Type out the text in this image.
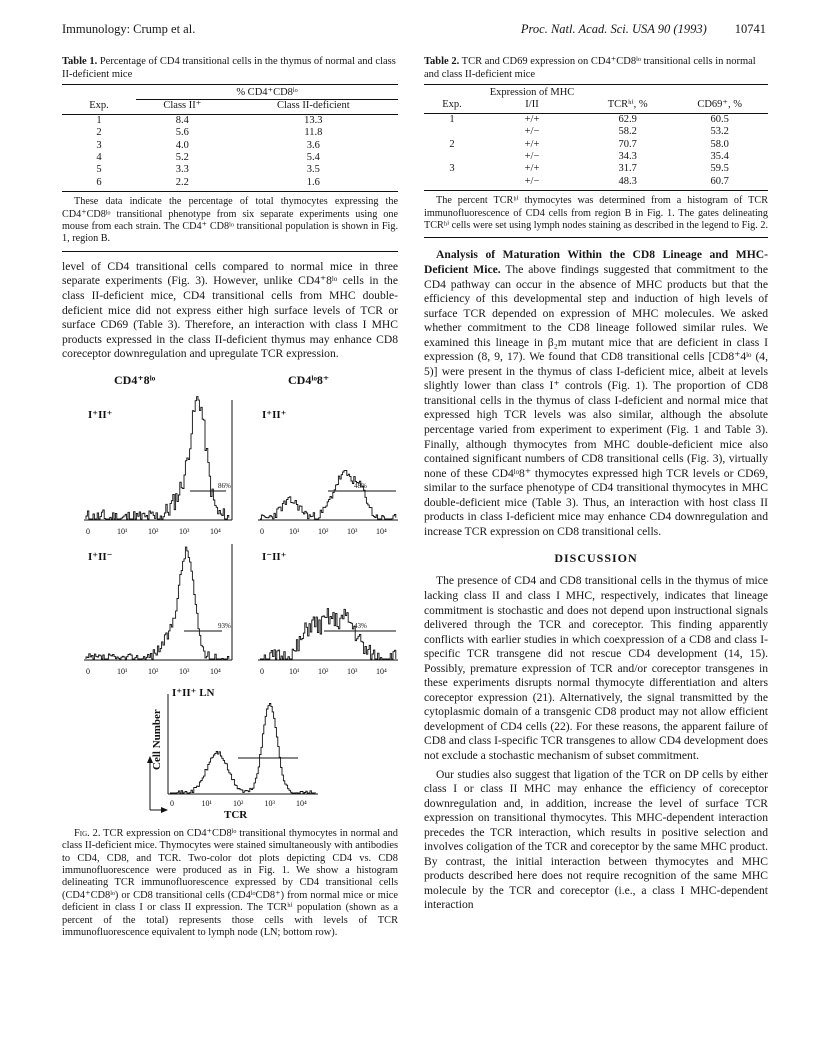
Immunology: Crump et al.	Proc. Natl. Acad. Sci. USA 90 (1993) 10741

Table 1. Percentage of CD4 transitional cells in the thymus of normal and class II-deficient mice

	% CD4⁺CD8ˡᵒ	
Exp.	Class II⁺	Class II-deficient
1	8.4	13.3
2	5.6	11.8
3	4.0	3.6
4	5.2	5.4
5	3.3	3.5
6	2.2	1.6

These data indicate the percentage of total thymocytes expressing the CD4⁺CD8ˡᵒ transitional phenotype from six separate experiments using one mouse from each strain. The CD4⁺ CD8ˡᵒ transitional population is shown in Fig. 1, region B.

level of CD4 transitional cells compared to normal mice in three separate experiments (Fig. 3). However, unlike CD4⁺8ˡᵒ cells in the class II-deficient mice, CD4 transitional cells from MHC double-deficient mice did not express either high surface levels of TCR or surface CD69 (Table 3). Therefore, an interaction with class I MHC products expressed in the class II-deficient thymus may enhance CD8 coreceptor downregulation and upregulate TCR expression.

CD4⁺8ˡᵒ	CD4ˡᵒ8⁺
I⁺II⁺
86%
I⁺II⁺
48%
I⁺II⁻
93%
I⁻II⁺
43%
I⁺II⁺ LN
Cell Number
TCR
0	10¹	10²	10³	10⁴	0	10¹ 10² 10³ 10⁴
0	10¹	10²	10³	10⁴	0	10¹ 10² 10³ 10⁴
0	10¹	10²	10³	10⁴

Fig. 2. TCR expression on CD4⁺CD8ˡᵒ transitional thymocytes in normal and class II-deficient mice. Thymocytes were stained simultaneously with antibodies to CD4, CD8, and TCR. Two-color dot plots depicting CD4 vs. CD8 immunofluorescence were produced as in Fig. 1. We show a histogram delineating TCR immunofluorescence expressed by CD4 transitional cells (CD4⁺CD8ˡᵒ) or CD8 transitional cells (CD4ˡᵒCD8⁺) from normal mice or mice deficient in class I or class II expression. The TCRʰⁱ population (shown as a percent of the total) represents those cells with levels of TCR immunofluorescence equivalent to lymph node (LN; bottom row).

Table 2. TCR and CD69 expression on CD4⁺CD8ˡᵒ transitional cells in normal and class II-deficient mice

Exp.	Expression of MHC I/II	TCRʰⁱ, %	CD69⁺, %
1	+/+	62.9	60.5
	+/−	58.2	53.2
2	+/+	70.7	58.0
	+/−	34.3	35.4
3	+/+	31.7	59.5
	+/−	48.3	60.7

The percent TCRʰⁱ thymocytes was determined from a histogram of TCR immunofluorescence of CD4 cells from region B in Fig. 1. The gates delineating TCRʰⁱ cells were set using lymph nodes staining as described in the legend to Fig. 2.

Analysis of Maturation Within the CD8 Lineage and MHC-Deficient Mice. The above findings suggested that commitment to the CD4 pathway can occur in the absence of MHC products but that the efficiency of this developmental step and induction of high levels of surface TCR depended on expression of MHC molecules. We asked whether commitment to the CD8 lineage followed similar rules. We examined this lineage in β₂m mutant mice that are deficient in class I expression (8, 9, 17). We found that CD8 transitional cells [CD8⁺4ˡᵒ (4, 5)] were present in the thymus of class I-deficient mice, albeit at levels slightly lower than class I⁺ controls (Fig. 1). The proportion of CD8 transitional cells in the thymus of class I-deficient and normal mice that expressed high TCR levels was also similar, although the absolute percentage varied from experiment to experiment (Fig. 1 and Table 3). Finally, although thymocytes from MHC double-deficient mice also contained significant numbers of CD8 transitional cells (Fig. 3), virtually none of these CD4ˡᵒ8⁺ thymocytes expressed high TCR levels or CD69, similar to the surface phenotype of CD4 transitional thymocytes in MHC double-deficient mice (Table 3). Thus, an interaction with host class II products in class I-deficient mice may enhance CD4 downregulation and increase TCR expression on CD8 transitional cells.

DISCUSSION

The presence of CD4 and CD8 transitional cells in the thymus of mice lacking class II and class I MHC, respectively, indicates that lineage commitment is stochastic and does not depend upon instructional signals delivered through the TCR and coreceptor. This finding apparently conflicts with earlier studies in which coexpression of a CD8 and class I-specific TCR transgene did not rescue CD4 development (14, 15). Possibly, premature expression of TCR and/or coreceptor transgenes in these experiments disrupts normal thymocyte differentiation and alters coreceptor expression (21). Alternatively, the signal transmitted by the cytoplasmic domain of a transgenic CD8 product may not allow efficient development of CD4 cells (22). For these reasons, the apparent failure of CD8 and class I-specific TCR transgenes to allow CD4 development does not exclude a stochastic mechanism of subset commitment.

Our studies also suggest that ligation of the TCR on DP cells by either class I or class II MHC may enhance the efficiency of coreceptor downregulation and, in addition, increase the level of surface TCR expression on transitional thymocytes. This MHC-dependent interaction precedes the TCR interaction, which results in positive selection and involves coligation of the TCR and coreceptor by the same MHC product. By contrast, the initial interaction between thymocytes and MHC products described here does not require recognition of the same MHC molecule by the TCR and coreceptor (i.e., a class I MHC-dependent interaction
